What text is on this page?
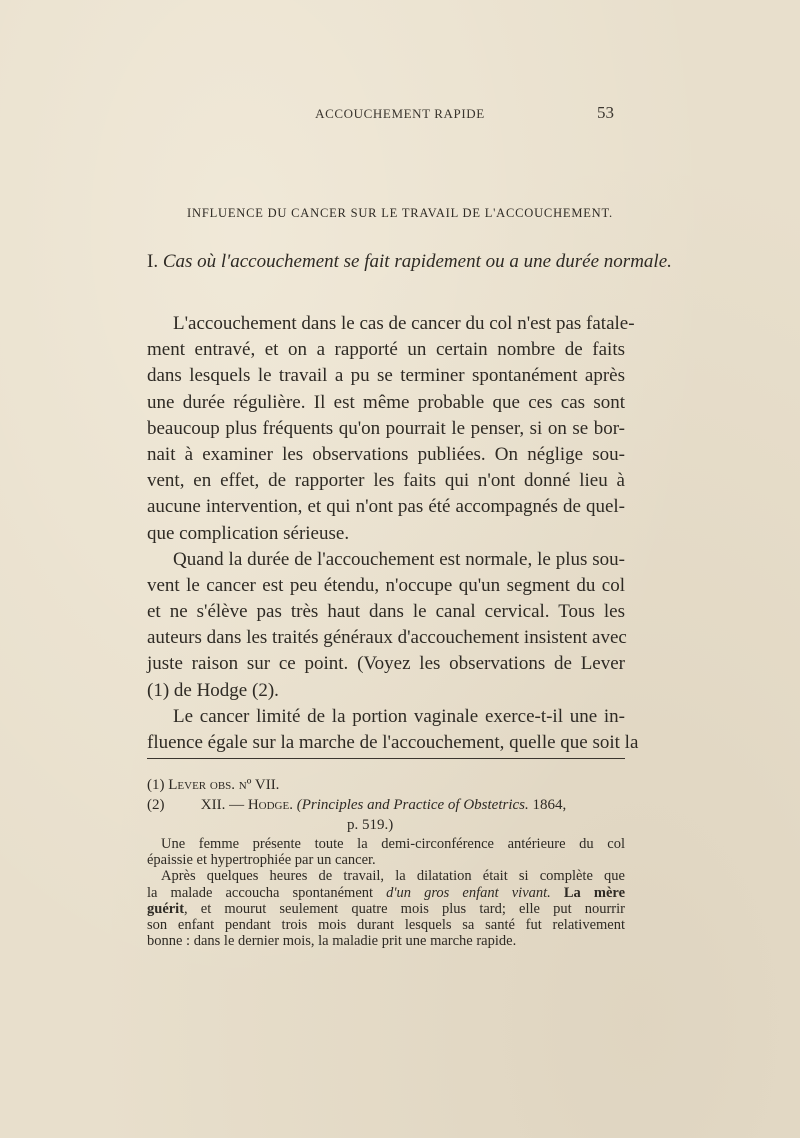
ACCOUCHEMENT RAPIDE	53
INFLUENCE DU CANCER SUR LE TRAVAIL DE L'ACCOUCHEMENT.
I. Cas où l'accouchement se fait rapidement ou a une durée normale.
L'accouchement dans le cas de cancer du col n'est pas fatale-
ment entravé, et on a rapporté un certain nombre de faits
dans lesquels le travail a pu se terminer spontanément après
une durée régulière. Il est même probable que ces cas sont
beaucoup plus fréquents qu'on pourrait le penser, si on se bor-
nait à examiner les observations publiées. On néglige sou-
vent, en effet, de rapporter les faits qui n'ont donné lieu à
aucune intervention, et qui n'ont pas été accompagnés de quel-
que complication sérieuse.
Quand la durée de l'accouchement est normale, le plus sou-
vent le cancer est peu étendu, n'occupe qu'un segment du col
et ne s'élève pas très haut dans le canal cervical. Tous les
auteurs dans les traités généraux d'accouchement insistent avec
juste raison sur ce point. (Voyez les observations de Lever
(1) de Hodge (2).
Le cancer limité de la portion vaginale exerce-t-il une in-
fluence égale sur la marche de l'accouchement, quelle que soit la
(1) Lever obs. nº VII.
(2) XII. — Hodge. (Principles and Practice of Obstetrics. 1864,
p. 519.)
Une femme présente toute la demi-circonférence antérieure du col
épaissie et hypertrophiée par un cancer.
Après quelques heures de travail, la dilatation était si complète que
la malade accoucha spontanément d'un gros enfant vivant. La mère
guérit, et mourut seulement quatre mois plus tard; elle put nourrir
son enfant pendant trois mois durant lesquels sa santé fut relativement
bonne : dans le dernier mois, la maladie prit une marche rapide.
